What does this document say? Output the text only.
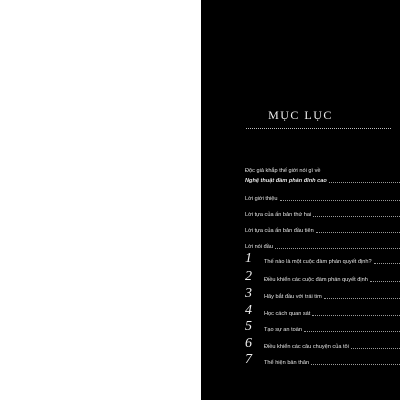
MỤC LỤC
Độc giả khắp thế giới nói gì về
Nghệ thuật đàm phán đỉnh cao
Lời giới thiệu
Lời tựa của ấn bản thứ hai
Lời tựa của ấn bản đầu tiên
Lời nói đầu
1	Thế nào là một cuộc đàm phán quyết định?
2	Điều khiển các cuộc đàm phán quyết định
3	Hãy bắt đầu với trái tim
4	Học cách quan sát
5	Tạo sự an toàn
6	Điều khiển các câu chuyện của tôi
7	Thể hiện bản thân
